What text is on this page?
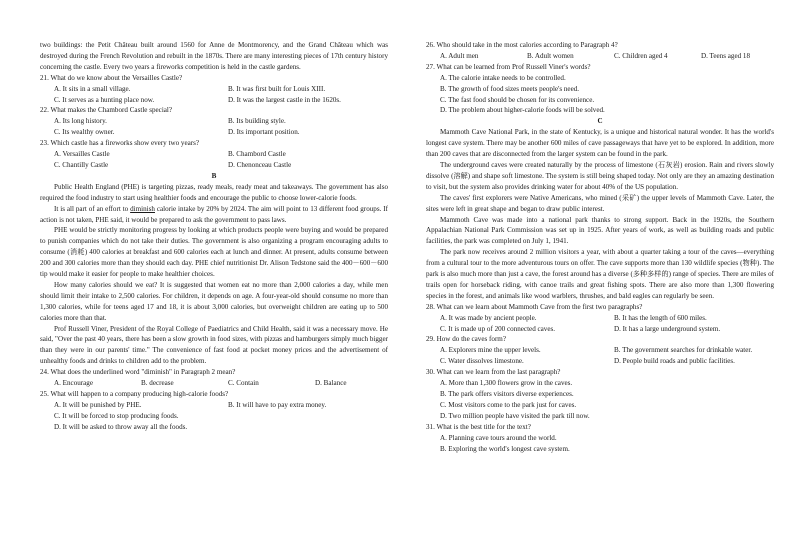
two buildings: the Petit Château built around 1560 for Anne de Montmorency, and the Grand Château which was destroyed during the French Revolution and rebuilt in the 1870s. There are many interesting pieces of 17th century history concerning the castle. Every two years a fireworks competition is held in the castle gardens.

21. What do we know about the Versailles Castle?

A. It sits in a small village.	B. It was first built for Louis XIII.
C. It serves as a hunting place now.	D. It was the largest castle in the 1620s.

22. What makes the Chambord Castle special?

A. Its long history.	B. Its building style.
C. Its wealthy owner.	D. Its important position.

23. Which castle has a fireworks show every two years?

A. Versailles Castle	B. Chambord Castle
C. Chantilly Castle	D. Chenonceau Castle

B

Public Health England (PHE) is targeting pizzas, ready meals, ready meat and takeaways. The government has also required the food industry to start using healthier foods and encourage the public to choose lower-calorie foods.

It is all part of an effort to diminish calorie intake by 20% by 2024. The aim will point to 13 different food groups. If action is not taken, PHE said, it would be prepared to ask the government to pass laws.

PHE would be strictly monitoring progress by looking at which products people were buying and would be prepared to punish companies which do not take their duties. The government is also organizing a program encouraging adults to consume (消耗) 400 calories at breakfast and 600 calories each at lunch and dinner. At present, adults consume between 200 and 300 calories more than they should each day. PHE chief nutritionist Dr. Alison Tedstone said the 400－600－600 tip would make it easier for people to make healthier choices.

How many calories should we eat? It is suggested that women eat no more than 2,000 calories a day, while men should limit their intake to 2,500 calories. For children, it depends on age. A four-year-old should consume no more than 1,300 calories, while for teens aged 17 and 18, it is about 3,000 calories, but overweight children are eating up to 500 calories more than that.

Prof Russell Viner, President of the Royal College of Paediatrics and Child Health, said it was a necessary move. He said, "Over the past 40 years, there has been a slow growth in food sizes, with pizzas and hamburgers simply much bigger than they were in our parents' time." The convenience of fast food at pocket money prices and the advertisement of unhealthy foods and drinks to children add to the problem.

24. What does the underlined word "diminish" in Paragraph 2 mean?

A. Encourage	B. decrease	C. Contain	D. Balance

25. What will happen to a company producing high-calorie foods?

A. It will be punished by PHE.	B. It will have to pay extra money.
C. It will be forced to stop producing foods.
D. It will be asked to throw away all the foods.

26. Who should take in the most calories according to Paragraph 4?

A. Adult men	B. Adult women	C. Children aged 4	D. Teens aged 18

27. What can be learned from Prof Russell Viner's words?

A. The calorie intake needs to be controlled.
B. The growth of food sizes meets people's need.
C. The fast food should be chosen for its convenience.
D. The problem about higher-calorie foods will be solved.

C

Mammoth Cave National Park, in the state of Kentucky, is a unique and historical natural wonder. It has the world's longest cave system. There may be another 600 miles of cave passageways that have yet to be explored. In addition, more than 200 caves that are disconnected from the larger system can be found in the park.

The underground caves were created naturally by the process of limestone (石灰岩) erosion. Rain and rivers slowly dissolve (溶解) and shape soft limestone. The system is still being shaped today. Not only are they an amazing destination to visit, but the system also provides drinking water for about 40% of the US population.

The caves' first explorers were Native Americans, who mined (采矿) the upper levels of Mammoth Cave. Later, the sites were left in great shape and began to draw public interest.

Mammoth Cave was made into a national park thanks to strong support. Back in the 1920s, the Southern Appalachian National Park Commission was set up in 1925. After years of work, as well as building roads and public facilities, the park was completed on July 1, 1941.

The park now receives around 2 million visitors a year, with about a quarter taking a tour of the caves—everything from a cultural tour to the more adventurous tours on offer. The cave supports more than 130 wildlife species (物种). The park is also much more than just a cave, the forest around has a diverse (多种多样的) range of species. There are miles of trails open for horseback riding, with canoe trails and great fishing spots. There are also more than 1,300 flowering species in the forest, and animals like wood warblers, thrushes, and bald eagles can regularly be seen.

28. What can we learn about Mammoth Cave from the first two paragraphs?

A. It was made by ancient people.	B. It has the length of 600 miles.
C. It is made up of 200 connected caves.	D. It has a large underground system.

29. How do the caves form?

A. Explorers mine the upper levels.	B. The government searches for drinkable water.
C. Water dissolves limestone.	D. People build roads and public facilities.

30. What can we learn from the last paragraph?

A. More than 1,300 flowers grow in the caves.
B. The park offers visitors diverse experiences.
C. Most visitors come to the park just for caves.
D. Two million people have visited the park till now.

31. What is the best title for the text?

A. Planning cave tours around the world.
B. Exploring the world's longest cave system.
